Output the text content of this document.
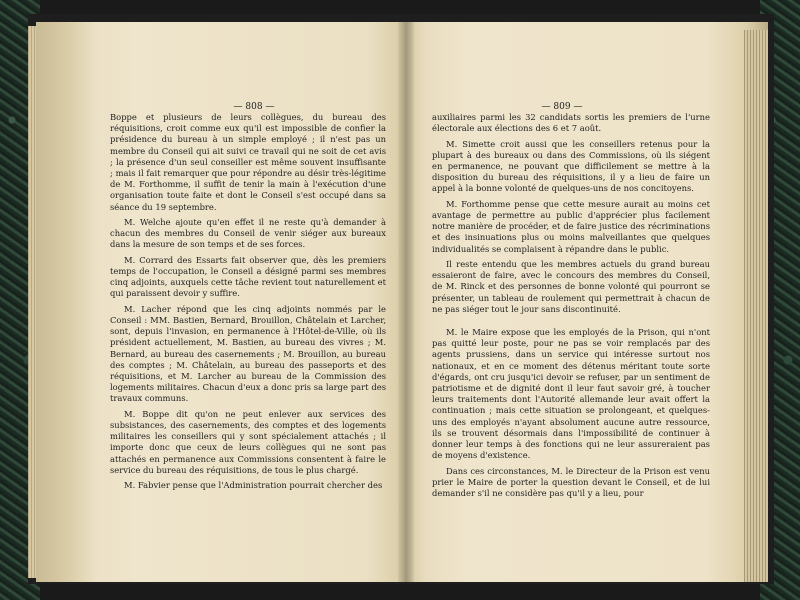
— 808 —

Boppe et plusieurs de leurs collègues, du bureau des réquisitions, croit comme eux qu'il est impossible de confier la présidence du bureau à un simple employé ; il n'est pas un membre du Conseil qui ait suivi ce travail qui ne soit de cet avis ; la présence d'un seul conseiller est même souvent insuffisante ; mais il fait remarquer que pour répondre au désir très-légitime de M. Forthomme, il suffit de tenir la main à l'exécution d'une organisation toute faite et dont le Conseil s'est occupé dans sa séance du 19 septembre.

M. Welche ajoute qu'en effet il ne reste qu'à demander à chacun des membres du Conseil de venir siéger aux bureaux dans la mesure de son temps et de ses forces.

M. Corrard des Essarts fait observer que, dès les premiers temps de l'occupation, le Conseil a désigné parmi ses membres cinq adjoints, auxquels cette tâche revient tout naturellement et qui paraissent devoir y suffire.

M. Lacher répond que les cinq adjoints nommés par le Conseil : MM. Bastien, Bernard, Brouillon, Châtelain et Larcher, sont, depuis l'invasion, en permanence à l'Hôtel-de-Ville, où ils président actuellement, M. Bastien, au bureau des vivres ; M. Bernard, au bureau des casernements ; M. Brouillon, au bureau des comptes ; M. Châtelain, au bureau des passeports et des réquisitions, et M. Larcher au bureau de la Commission des logements militaires. Chacun d'eux a donc pris sa large part des travaux communs.

M. Boppe dit qu'on ne peut enlever aux services des subsistances, des casernements, des comptes et des logements militaires les conseillers qui y sont spécialement attachés ; il importe donc que ceux de leurs collègues qui ne sont pas attachés en permanence aux Commissions consentent à faire le service du bureau des réquisitions, de tous le plus chargé.

M. Fabvier pense que l'Administration pourrait chercher des

— 809 —

auxiliaires parmi les 32 candidats sortis les premiers de l'urne électorale aux élections des 6 et 7 août.

M. Simette croit aussi que les conseillers retenus pour la plupart à des bureaux ou dans des Commissions, où ils siégent en permanence, ne pouvant que difficilement se mettre à la disposition du bureau des réquisitions, il y a lieu de faire un appel à la bonne volonté de quelques-uns de nos concitoyens.

M. Forthomme pense que cette mesure aurait au moins cet avantage de permettre au public d'apprécier plus facilement notre manière de procéder, et de faire justice des récriminations et des insinuations plus ou moins malveillantes que quelques individualités se complaisent à répandre dans le public.

Il reste entendu que les membres actuels du grand bureau essaieront de faire, avec le concours des membres du Conseil, de M. Rinck et des personnes de bonne volonté qui pourront se présenter, un tableau de roulement qui permettrait à chacun de ne pas siéger tout le jour sans discontinuité.

M. le Maire expose que les employés de la Prison, qui n'ont pas quitté leur poste, pour ne pas se voir remplacés par des agents prussiens, dans un service qui intéresse surtout nos nationaux, et en ce moment des détenus méritant toute sorte d'égards, ont cru jusqu'ici devoir se refuser, par un sentiment de patriotisme et de dignité dont il leur faut savoir gré, à toucher leurs traitements dont l'Autorité allemande leur avait offert la continuation ; mais cette situation se prolongeant, et quelques-uns des employés n'ayant absolument aucune autre ressource, ils se trouvent désormais dans l'impossibilité de continuer à donner leur temps à des fonctions qui ne leur assureraient pas de moyens d'existence.

Dans ces circonstances, M. le Directeur de la Prison est venu prier le Maire de porter la question devant le Conseil, et de lui demander s'il ne considère pas qu'il y a lieu, pour
